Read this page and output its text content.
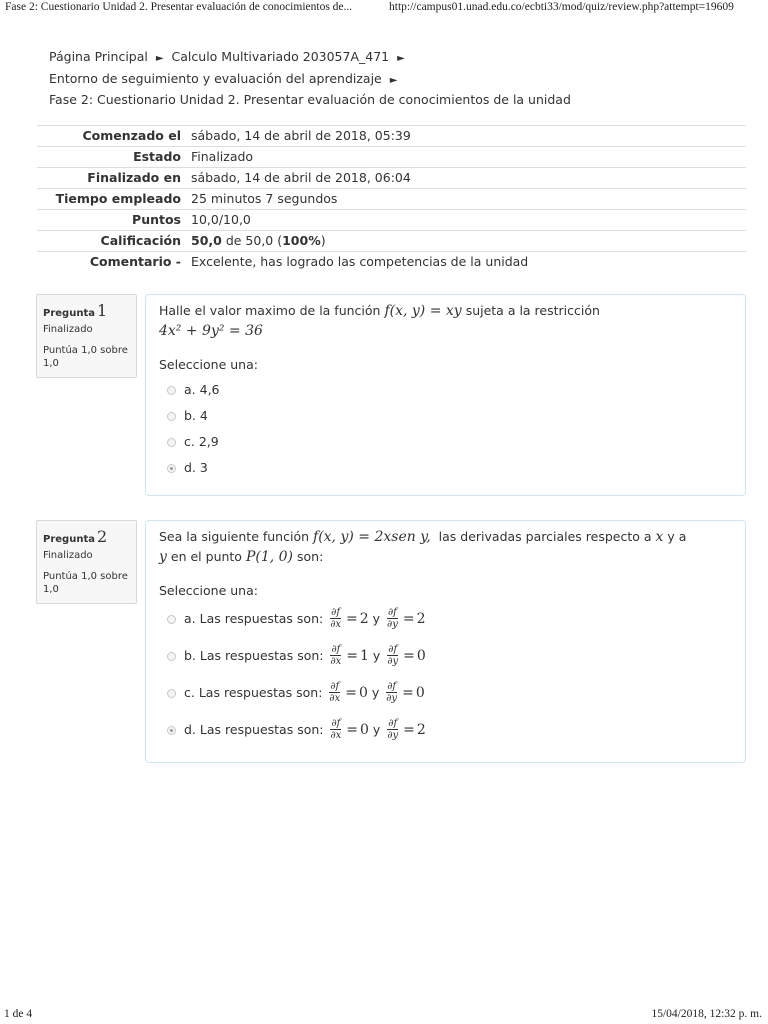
Fase 2: Cuestionario Unidad 2. Presentar evaluación de conocimientos de...	http://campus01.unad.edu.co/ecbti33/mod/quiz/review.php?attempt=19609
Página Principal ► Calculo Multivariado 203057A_471 ►
Entorno de seguimiento y evaluación del aprendizaje ►
Fase 2: Cuestionario Unidad 2. Presentar evaluación de conocimientos de la unidad
Comenzado el	sábado, 14 de abril de 2018, 05:39
Estado	Finalizado
Finalizado en	sábado, 14 de abril de 2018, 06:04
Tiempo empleado	25 minutos 7 segundos
Puntos	10,0/10,0
Calificación	50,0 de 50,0 (100%)
Comentario -	Excelente, has logrado las competencias de la unidad
Pregunta 1
Finalizado
Puntúa 1,0 sobre 1,0
Halle el valor maximo de la función f(x, y) = xy sujeta a la restricción
4x² + 9y² = 36
Seleccione una:
a.
4,6
b.
4
c.
2,9
d.
3
Pregunta 2
Finalizado
Puntúa 1,0 sobre 1,0
Sea la siguiente función f(x, y) = 2xsen y, las derivadas parciales respecto a x y a
y en el punto P(1, 0) son:
Seleccione una:
a.
Las respuestas son:
$\frac{\partial f}{\partial x} = 2$
y
$\frac{\partial f}{\partial y} = 2$
b.
Las respuestas son:
$\frac{\partial f}{\partial x} = 1$
y
$\frac{\partial f}{\partial y} = 0$
c.
Las respuestas son:
$\frac{\partial f}{\partial x} = 0$
y
$\frac{\partial f}{\partial y} = 0$
d.
Las respuestas son:
$\frac{\partial f}{\partial x} = 0$
y
$\frac{\partial f}{\partial y} = 2$
1 de 4	15/04/2018, 12:32 p. m.
